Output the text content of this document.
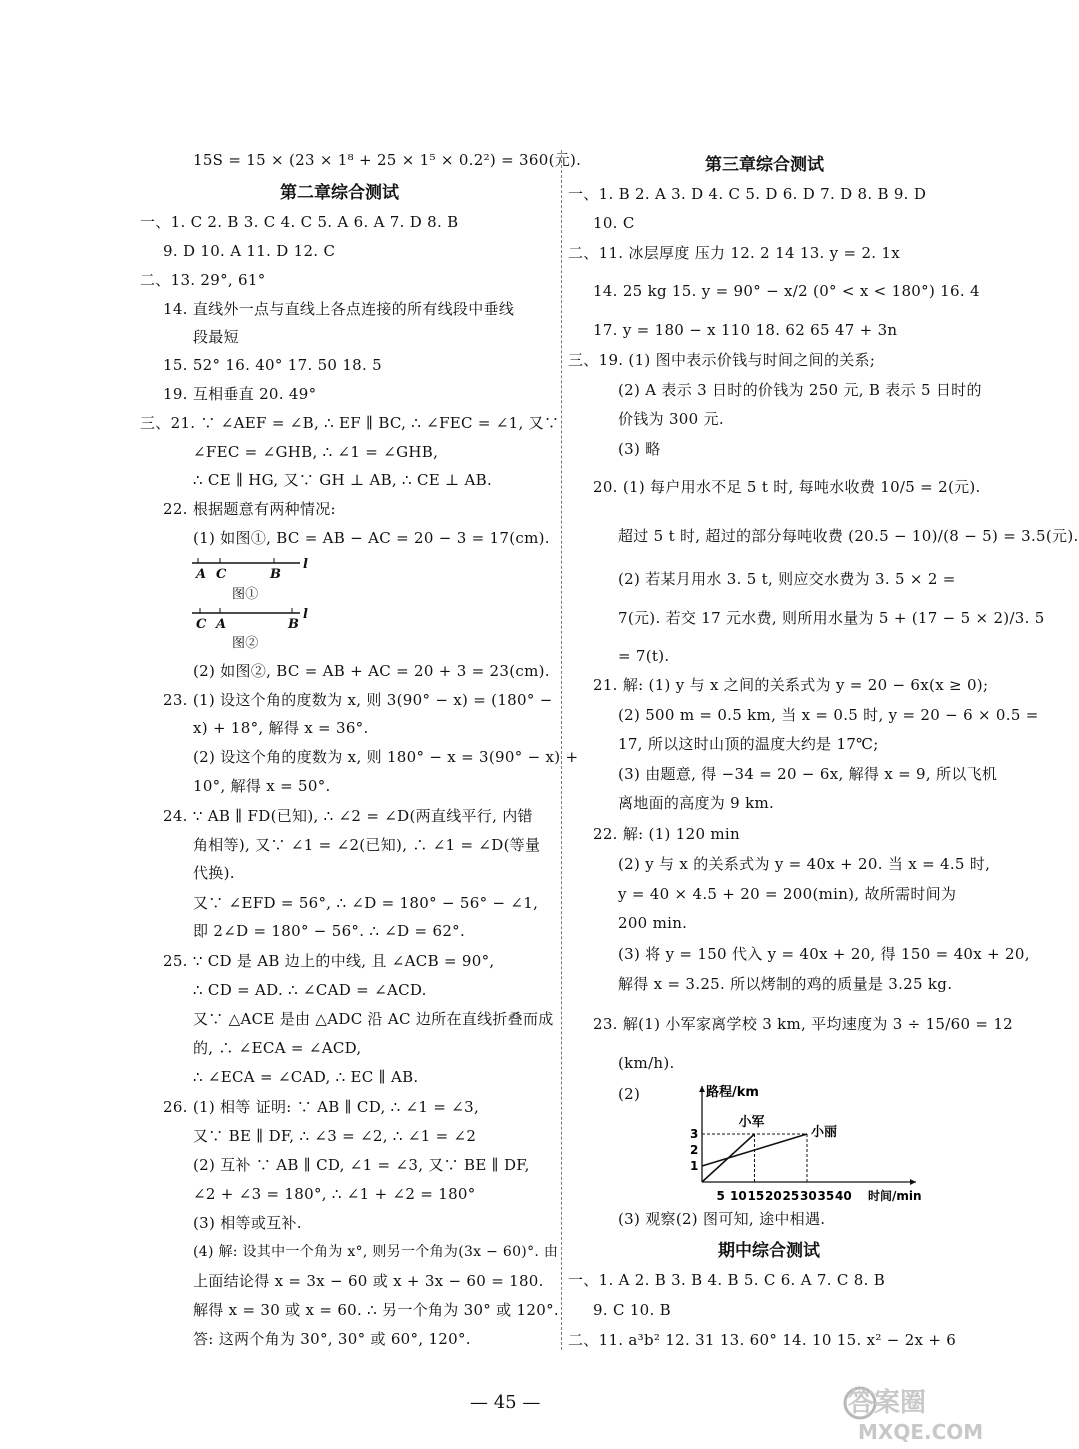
15S = 15 × (23 × 1⁸ + 25 × 1⁵ × 0.2²) = 360(元).
第二章综合测试
一、1. C 2. B 3. C 4. C 5. A 6. A 7. D 8. B
9. D 10. A 11. D 12. C
二、13. 29°, 61°
14. 直线外一点与直线上各点连接的所有线段中垂线
段最短
15. 52° 16. 40° 17. 50 18. 5
19. 互相垂直 20. 49°
三、21. ∵ ∠AEF = ∠B, ∴ EF ∥ BC, ∴ ∠FEC = ∠1, 又∵
∠FEC = ∠GHB, ∴ ∠1 = ∠GHB,
∴ CE ∥ HG, 又∵ GH ⊥ AB, ∴ CE ⊥ AB.
22. 根据题意有两种情况:
(1) 如图①, BC = AB − AC = 20 − 3 = 17(cm).
A C	B
l
图①
C A	B
l
图②
(2) 如图②, BC = AB + AC = 20 + 3 = 23(cm).
23. (1) 设这个角的度数为 x, 则 3(90° − x) = (180° −
x) + 18°, 解得 x = 36°.
(2) 设这个角的度数为 x, 则 180° − x = 3(90° − x) +
10°, 解得 x = 50°.
24. ∵ AB ∥ FD(已知), ∴ ∠2 = ∠D(两直线平行, 内错
角相等), 又∵ ∠1 = ∠2(已知), ∴ ∠1 = ∠D(等量
代换).
又∵ ∠EFD = 56°, ∴ ∠D = 180° − 56° − ∠1,
即 2∠D = 180° − 56°. ∴ ∠D = 62°.
25. ∵ CD 是 AB 边上的中线, 且 ∠ACB = 90°,
∴ CD = AD. ∴ ∠CAD = ∠ACD.
又∵ △ACE 是由 △ADC 沿 AC 边所在直线折叠而成
的, ∴ ∠ECA = ∠ACD,
∴ ∠ECA = ∠CAD, ∴ EC ∥ AB.
26. (1) 相等 证明: ∵ AB ∥ CD, ∴ ∠1 = ∠3,
又∵ BE ∥ DF, ∴ ∠3 = ∠2, ∴ ∠1 = ∠2
(2) 互补 ∵ AB ∥ CD, ∠1 = ∠3, 又∵ BE ∥ DF,
∠2 + ∠3 = 180°, ∴ ∠1 + ∠2 = 180°
(3) 相等或互补.
(4) 解: 设其中一个角为 x°, 则另一个角为(3x − 60)°. 由
上面结论得 x = 3x − 60 或 x + 3x − 60 = 180.
解得 x = 30 或 x = 60. ∴ 另一个角为 30° 或 120°.
答: 这两个角为 30°, 30° 或 60°, 120°.
第三章综合测试
一、1. B 2. A 3. D 4. C 5. D 6. D 7. D 8. B 9. D
10. C
二、11. 冰层厚度 压力 12. 2 14 13. y = 2. 1x
14. 25 kg 15. y = 90° − x/2 (0° < x < 180°) 16. 4
17. y = 180 − x 110 18. 62 65 47 + 3n
三、19. (1) 图中表示价钱与时间之间的关系;
(2) A 表示 3 日时的价钱为 250 元, B 表示 5 日时的
价钱为 300 元.
(3) 略
20. (1) 每户用水不足 5 t 时, 每吨水收费 10/5 = 2(元).
超过 5 t 时, 超过的部分每吨收费 (20.5 − 10)/(8 − 5) = 3.5(元).
(2) 若某月用水 3. 5 t, 则应交水费为 3. 5 × 2 =
7(元). 若交 17 元水费, 则所用水量为 5 + (17 − 5 × 2)/3. 5
= 7(t).
21. 解: (1) y 与 x 之间的关系式为 y = 20 − 6x(x ≥ 0);
(2) 500 m = 0.5 km, 当 x = 0.5 时, y = 20 − 6 × 0.5 =
17, 所以这时山顶的温度大约是 17℃;
(3) 由题意, 得 −34 = 20 − 6x, 解得 x = 9, 所以飞机
离地面的高度为 9 km.
22. 解: (1) 120 min
(2) y 与 x 的关系式为 y = 40x + 20. 当 x = 4.5 时,
y = 40 × 4.5 + 20 = 200(min), 故所需时间为
200 min.
(3) 将 y = 150 代入 y = 40x + 20, 得 150 = 40x + 20,
解得 x = 3.25. 所以烤制的鸡的质量是 3.25 kg.
23. 解(1) 小军家离学校 3 km, 平均速度为 3 ÷ 15/60 = 12
(km/h).
(2)	路程/km
时间/min
1
2
3
5 10 15 20 25 30 35 40
小军
小丽
(3) 观察(2) 图可知, 途中相遇.
期中综合测试
一、1. A 2. B 3. B 4. B 5. C 6. A 7. C 8. B
9. C 10. B
二、11. a³b² 12. 31 13. 60° 14. 10 15. x² − 2x + 6
— 45 —	答案圈
MXQE.COM
